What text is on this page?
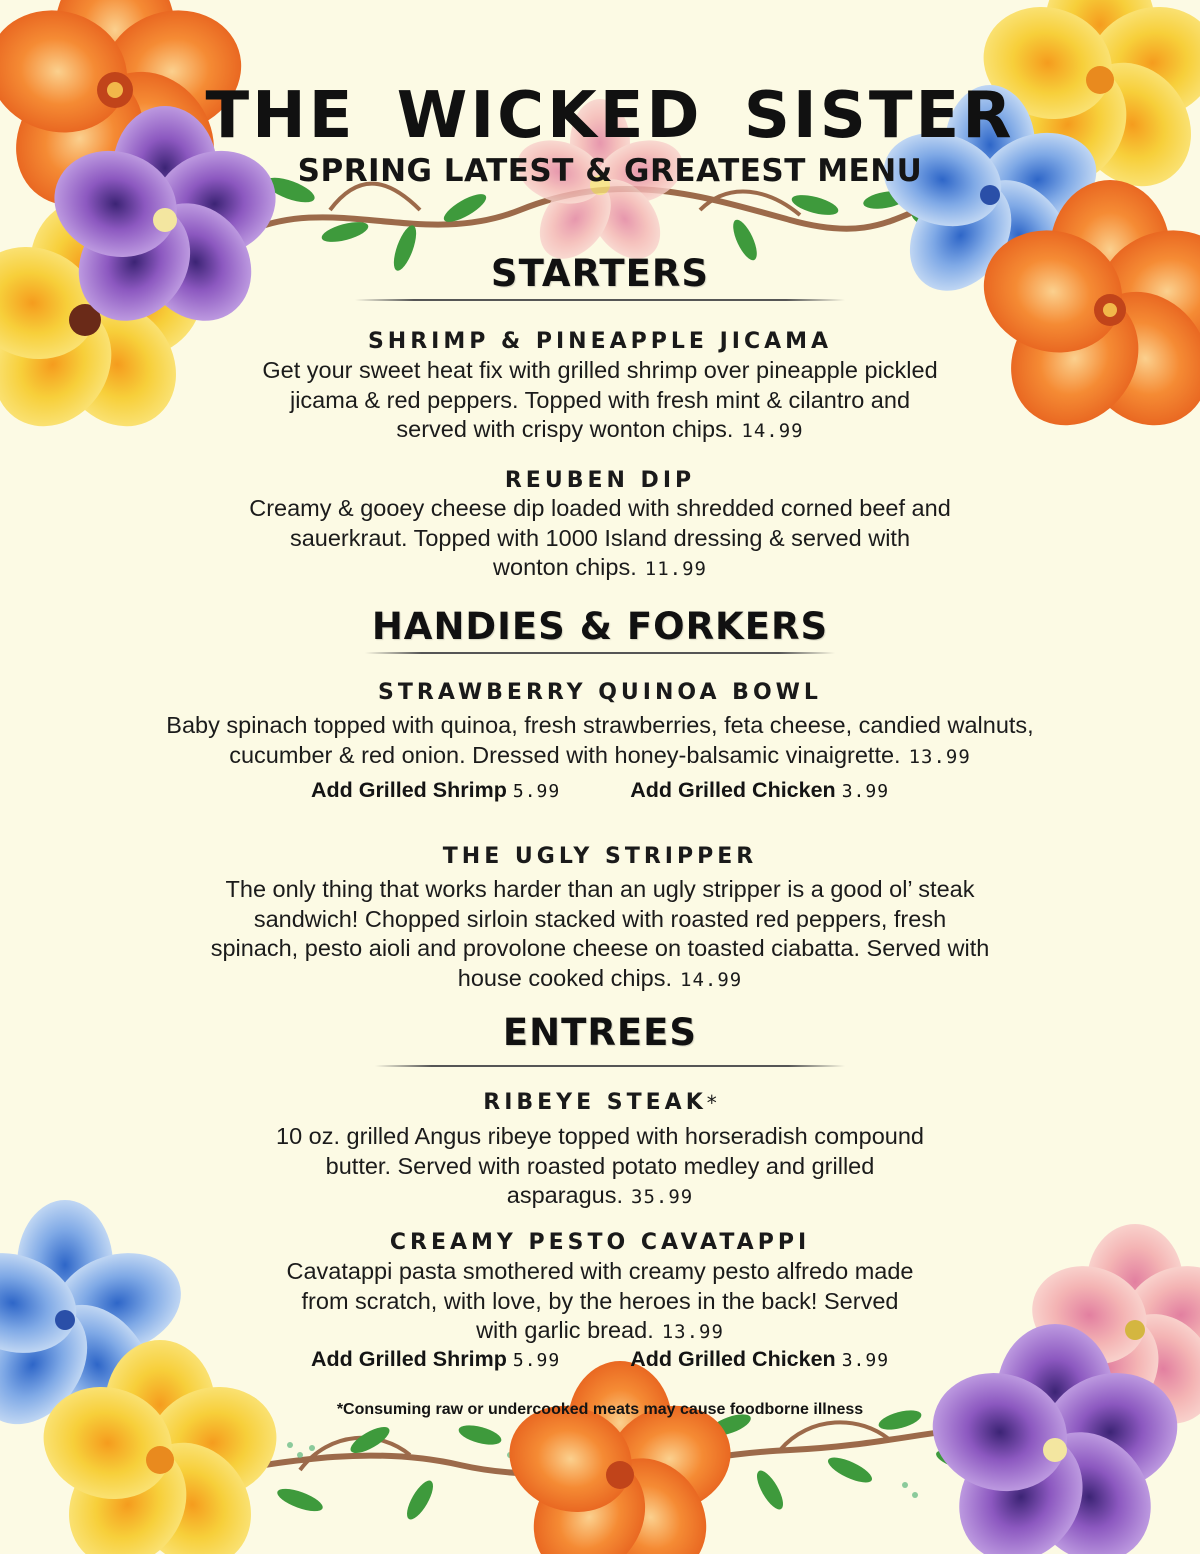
THE WICKED SISTER
SPRING LATEST & GREATEST MENU
STARTERS
SHRIMP & PINEAPPLE JICAMA
Get your sweet heat fix with grilled shrimp over pineapple pickled
jicama & red peppers. Topped with fresh mint & cilantro and
served with crispy wonton chips. 14.99
REUBEN DIP
Creamy & gooey cheese dip loaded with shredded corned beef and
sauerkraut. Topped with 1000 Island dressing & served with
wonton chips. 11.99
HANDIES & FORKERS
STRAWBERRY QUINOA BOWL
Baby spinach topped with quinoa, fresh strawberries, feta cheese, candied walnuts,
cucumber & red onion. Dressed with honey-balsamic vinaigrette. 13.99
Add Grilled Shrimp 5.99	Add Grilled Chicken 3.99
THE UGLY STRIPPER
The only thing that works harder than an ugly stripper is a good ol’ steak
sandwich! Chopped sirloin stacked with roasted red peppers, fresh
spinach, pesto aioli and provolone cheese on toasted ciabatta. Served with
house cooked chips. 14.99
ENTREES
RIBEYE STEAK*
10 oz. grilled Angus ribeye topped with horseradish compound
butter. Served with roasted potato medley and grilled
asparagus. 35.99
CREAMY PESTO CAVATAPPI
Cavatappi pasta smothered with creamy pesto alfredo made
from scratch, with love, by the heroes in the back! Served
with garlic bread. 13.99
Add Grilled Shrimp 5.99	Add Grilled Chicken 3.99
*Consuming raw or undercooked meats may cause foodborne illness
